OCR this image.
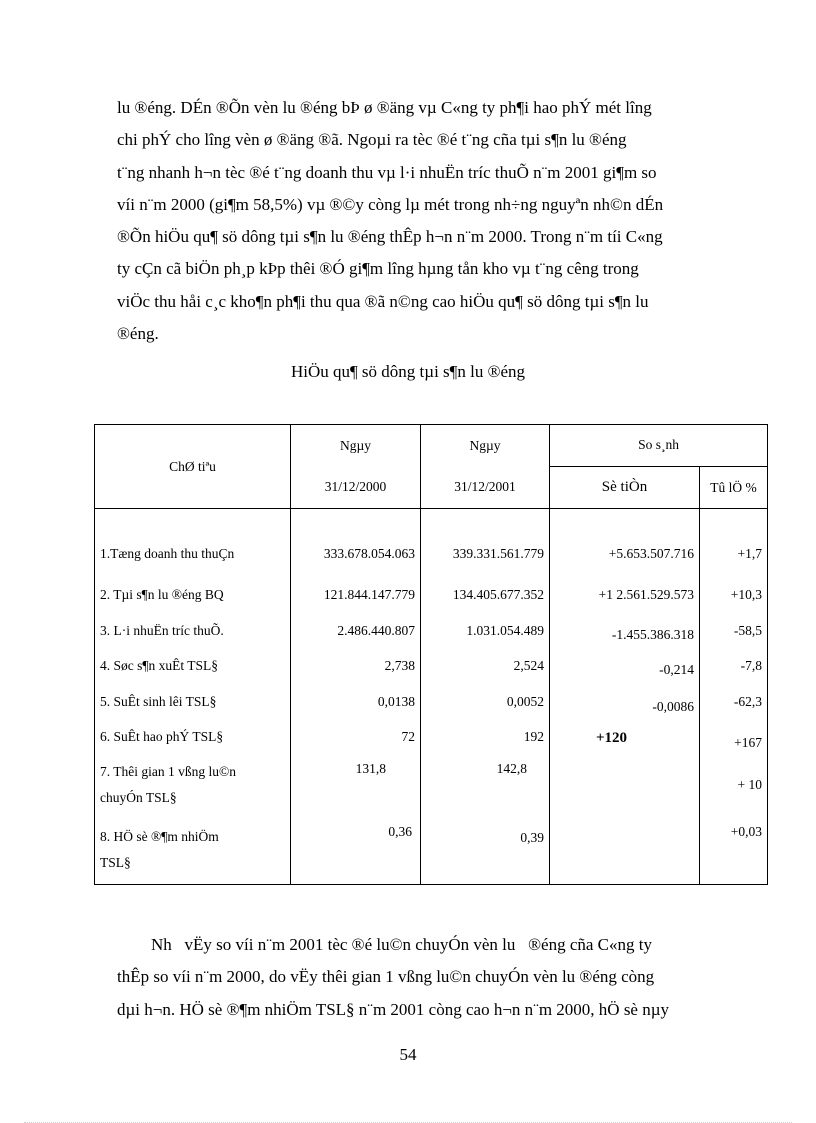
lu ®éng. DÉn ®Õn vèn lu ®éng bÞ ø ®äng vµ C«ng ty ph¶i hao phÝ mét lîng
chi phÝ cho lîng vèn ø ®äng ®ã. Ngoµi ra tèc ®é t¨ng cña tµi s¶n lu ®éng
t¨ng nhanh h¬n tèc ®é t¨ng doanh thu vµ l·i nhuËn tríc thuÕ n¨m 2001 gi¶m so
víi n¨m 2000 (gi¶m 58,5%) vµ ®©y còng lµ mét trong nh÷ng nguyªn nh©n dÉn
®Õn hiÖu qu¶ sö dông tµi s¶n lu ®éng thÊp h¬n n¨m 2000. Trong n¨m tíi C«ng
ty cÇn cã biÖn ph¸p kÞp thêi ®Ó gi¶m lîng hµng tån kho vµ t¨ng cêng trong
viÖc thu håi c¸c kho¶n ph¶i thu qua ®ã n©ng cao hiÖu qu¶ sö dông tµi s¶n lu
®éng.
HiÖu qu¶ sö dông tµi s¶n lu ®éng
ChØ tiªu	Ngµy	Ngµy	So s¸nh	
	31/12/2000	31/12/2001	Sè tiÒn	Tû lÖ %
1.Tæng doanh thu thuÇn	333.678.054.063	339.331.561.779	+5.653.507.716	+1,7
2. Tµi s¶n lu ®éng BQ	121.844.147.779	134.405.677.352	+1 2.561.529.573	+10,3
3. L·i nhuËn tríc thuÕ.	2.486.440.807	1.031.054.489	-1.455.386.318	-58,5
4. Søc s¶n xuÊt TSL§	2,738	2,524	-0,214	-7,8
5. SuÊt sinh lêi TSL§	0,0138	0,0052	-0,0086	-62,3
6. SuÊt hao phÝ TSL§	72	192	+120	+167
7. Thêi gian 1 vßng lu©n
chuyÓn TSL§	131,8	142,8		+ 10
8. HÖ sè ®¶m nhiÖm
TSL§	0,36	0,39		+0,03
Nh   vËy so víi n¨m 2001 tèc ®é lu©n chuyÓn vèn lu   ®éng cña C«ng ty
thÊp so víi n¨m 2000, do vËy thêi gian 1 vßng lu©n chuyÓn vèn lu ®éng còng
dµi h¬n. HÖ sè ®¶m nhiÖm TSL§ n¨m 2001 còng cao h¬n n¨m 2000, hÖ sè nµy
54
